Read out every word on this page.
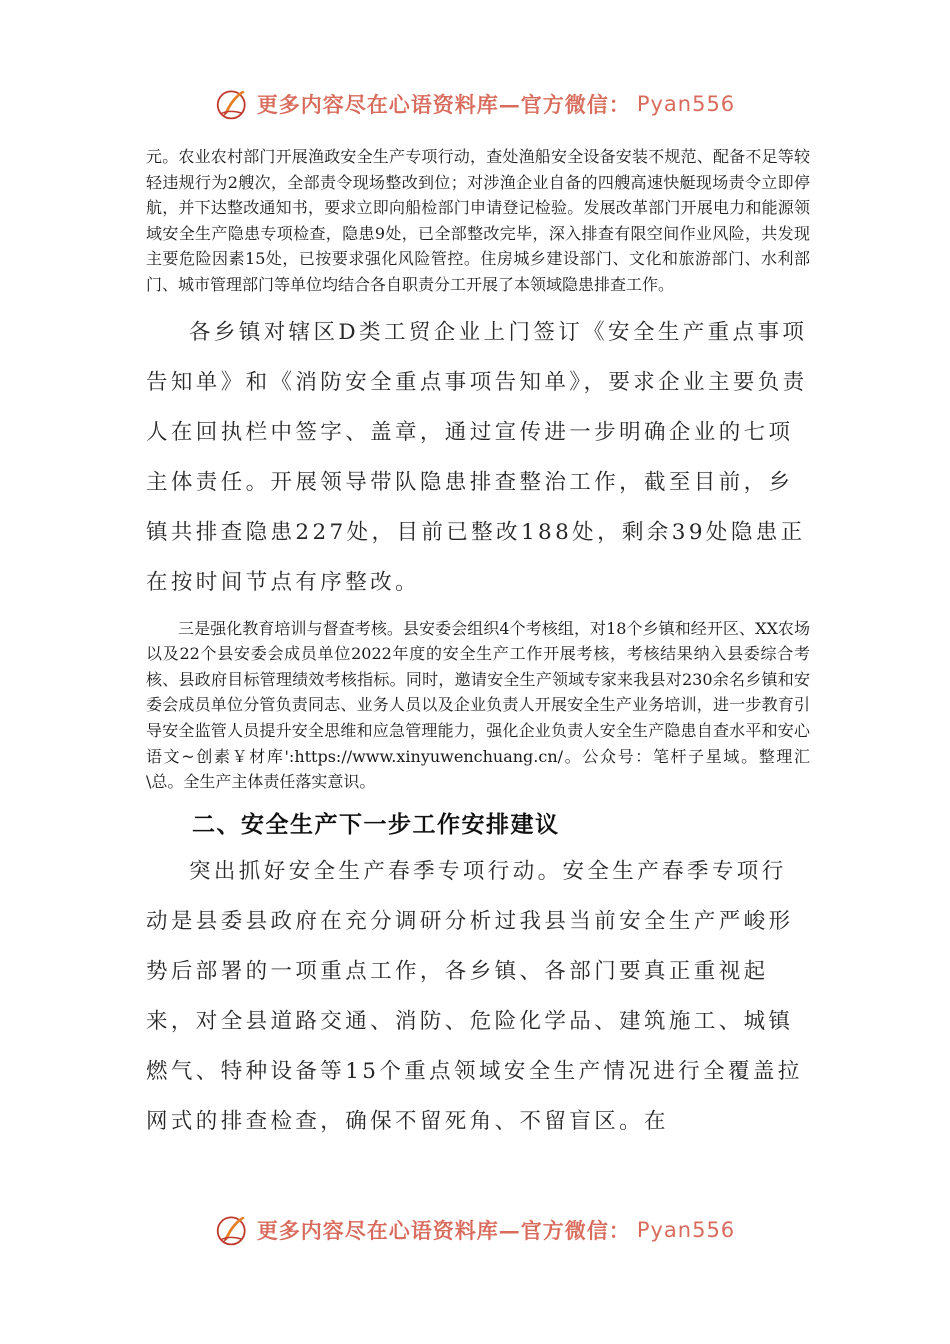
更多内容尽在心语资料库—官方微信： Pyan556

元。农业农村部门开展渔政安全生产专项行动，查处渔船安全设备安装不规范、配备不足等较轻违规行为2艘次，全部责令现场整改到位；对涉渔企业自备的四艘高速快艇现场责令立即停航，并下达整改通知书，要求立即向船检部门申请登记检验。发展改革部门开展电力和能源领域安全生产隐患专项检查，隐患9处，已全部整改完毕，深入排查有限空间作业风险，共发现主要危险因素15处，已按要求强化风险管控。住房城乡建设部门、文化和旅游部门、水利部门、城市管理部门等单位均结合各自职责分工开展了本领域隐患排查工作。

各乡镇对辖区D类工贸企业上门签订《安全生产重点事项告知单》和《消防安全重点事项告知单》，要求企业主要负责人在回执栏中签字、盖章，通过宣传进一步明确企业的七项主体责任。开展领导带队隐患排查整治工作，截至目前，乡镇共排查隐患227处，目前已整改188处，剩余39处隐患正在按时间节点有序整改。

三是强化教育培训与督查考核。县安委会组织4个考核组，对18个乡镇和经开区、XX农场以及22个县安委会成员单位2022年度的安全生产工作开展考核，考核结果纳入县委综合考核、县政府目标管理绩效考核指标。同时，邀请安全生产领域专家来我县对230余名乡镇和安委会成员单位分管负责同志、业务人员以及企业负责人开展安全生产业务培训，进一步教育引导安全监管人员提升安全思维和应急管理能力，强化企业负责人安全生产隐患自查水平和安心语文~创素￥材库':https://www.xinyuwenchuang.cn/。公众号：笔杆子星域。整理汇\总。全生产主体责任落实意识。

二、安全生产下一步工作安排建议

突出抓好安全生产春季专项行动。安全生产春季专项行动是县委县政府在充分调研分析过我县当前安全生产严峻形势后部署的一项重点工作，各乡镇、各部门要真正重视起来，对全县道路交通、消防、危险化学品、建筑施工、城镇燃气、特种设备等15个重点领域安全生产情况进行全覆盖拉网式的排查检查，确保不留死角、不留盲区。在

更多内容尽在心语资料库—官方微信： Pyan556
